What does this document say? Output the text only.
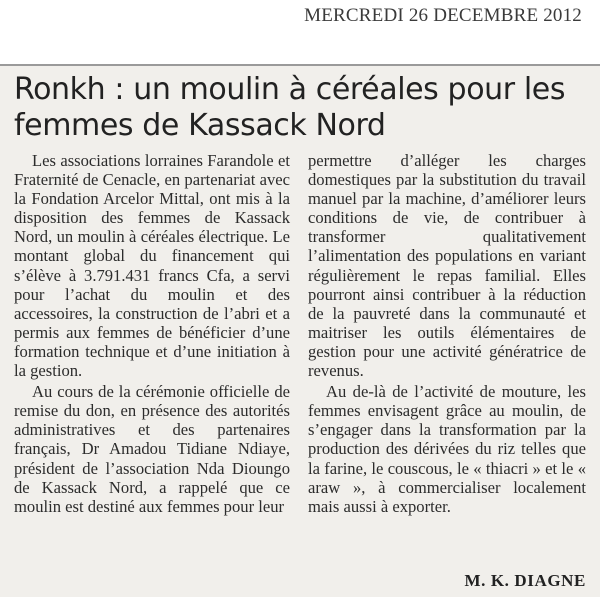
MERCREDI 26 DECEMBRE 2012
Ronkh : un moulin à céréales pour les femmes de Kassack Nord

Les associations lorraines Farandole et Fraternité de Cenacle, en partenariat avec la Fondation Arcelor Mittal, ont mis à la disposition des femmes de Kassack Nord, un moulin à céréales électrique. Le montant global du financement qui s’élève à 3.791.431 francs Cfa, a servi pour l’achat du moulin et des accessoires, la construction de l’abri et a permis aux femmes de bénéficier d’une formation technique et d’une initiation à la gestion.

Au cours de la cérémonie officielle de remise du don, en présence des autorités administratives et des partenaires français, Dr Amadou Tidiane Ndiaye, président de l’association Nda Dioungo de Kassack Nord, a rappelé que ce moulin est destiné aux femmes pour leur

permettre d’alléger les charges domestiques par la substitution du travail manuel par la machine, d’améliorer leurs conditions de vie, de contribuer à transformer qualitativement l’alimentation des populations en variant régulièrement le repas familial. Elles pourront ainsi contribuer à la réduction de la pauvreté dans la communauté et maitriser les outils élémentaires de gestion pour une activité génératrice de revenus.

Au de-là de l’activité de mouture, les femmes envisagent grâce au moulin, de s’engager dans la transformation par la production des dérivées du riz telles que la farine, le couscous, le « thiacri » et le « araw », à commercialiser localement mais aussi à exporter.

M. K. DIAGNE
